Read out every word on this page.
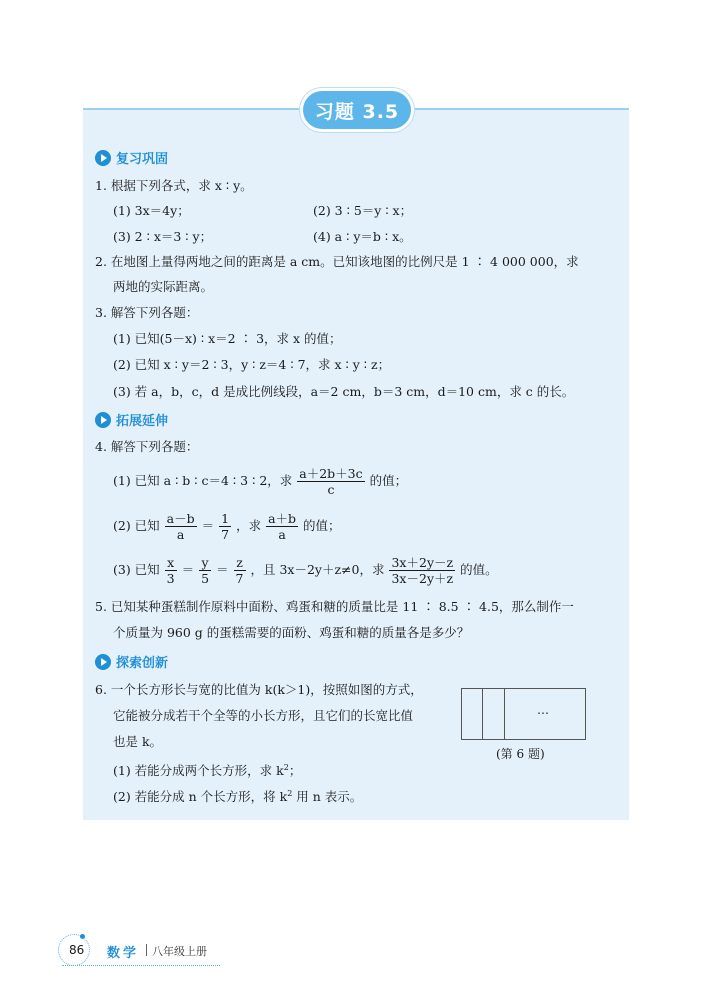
习题 3.5
复习巩固
1. 根据下列各式，求 x ∶ y。
(1) 3x＝4y；	(2) 3 ∶ 5＝y ∶ x；
(3) 2 ∶ x＝3 ∶ y；	(4) a ∶ y＝b ∶ x。
2. 在地图上量得两地之间的距离是 a cm。已知该地图的比例尺是 1 ∶ 4 000 000，求
两地的实际距离。
3. 解答下列各题：
(1) 已知(5－x) ∶ x＝2 ∶ 3，求 x 的值；
(2) 已知 x ∶ y＝2 ∶ 3，y ∶ z＝4 ∶ 7，求 x ∶ y ∶ z；
(3) 若 a，b，c，d 是成比例线段，a＝2 cm，b＝3 cm，d＝10 cm，求 c 的长。
拓展延伸
4. 解答下列各题：
(1) 已知 a ∶ b ∶ c＝4 ∶ 3 ∶ 2，求 $\frac{a+2b+3c}{c}$ 的值；
(2) 已知 $\frac{a-b}{a} = \frac{1}{7}$ ，求 $\frac{a+b}{a}$ 的值；
(3) 已知 $\frac{x}{3} = \frac{y}{5} = \frac{z}{7}$ ，且 3x－2y＋z≠0，求 $\frac{3x+2y-z}{3x-2y+z}$ 的值。
5. 已知某种蛋糕制作原料中面粉、鸡蛋和糖的质量比是 11 ∶ 8.5 ∶ 4.5，那么制作一
个质量为 960 g 的蛋糕需要的面粉、鸡蛋和糖的质量各是多少？
探索创新
6. 一个长方形长与宽的比值为 k(k＞1)，按照如图的方式，
它能被分成若干个全等的小长方形，且它们的长宽比值
也是 k。
(1) 若能分成两个长方形，求 $k^2$；
(2) 若能分成 n 个长方形，将 $k^2$ 用 n 表示。
…
(第 6 题)
86 数学 八年级上册
